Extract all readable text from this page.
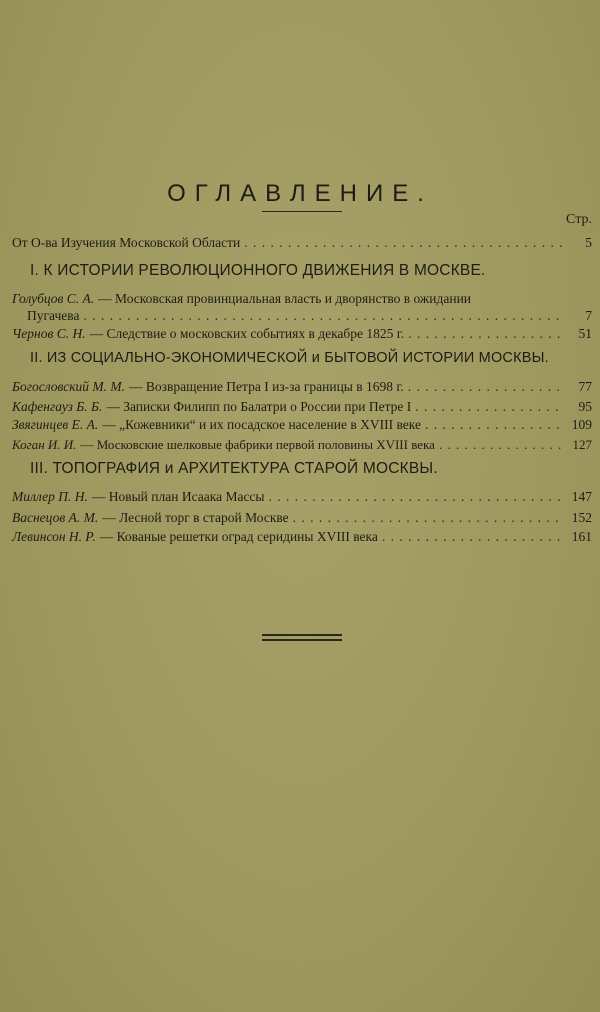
ОГЛАВЛЕНИЕ.
Стр.
От О-ва Изучения Московской Области . . .	5
I. К ИСТОРИИ РЕВОЛЮЦИОННОГО ДВИЖЕНИЯ В МОСКВЕ.
Голубцов С. А. — Московская провинциальная власть и дворянство в ожидании
Пугачева . . .	7
Чернов С. Н. — Следствие о московских событиях в декабре 1825 г. . . .	51
II. ИЗ СОЦИАЛЬНО-ЭКОНОМИЧЕСКОЙ и БЫТОВОЙ ИСТОРИИ МОСКВЫ.
Богословский М. М. — Возвращение Петра I из-за границы в 1698 г. . . .	77
Кафенгауз Б. Б. — Записки Филипп по Балатри о России при Петре I . . .	95
Звягинцев Е. А. — „Кожевники“ и их посадское население в XVIII веке . . .	109
Коган И. И. — Московские шелковые фабрики первой половины XVIII века . . .	127
III. ТОПОГРАФИЯ и АРХИТЕКТУРА СТАРОЙ МОСКВЫ.
Миллер П. Н. — Новый план Исаака Массы . . .	147
Васнецов А. М. — Лесной торг в старой Москве . . .	152
Левинсон Н. Р. — Кованые решетки оград серидины XVIII века . . .	161
